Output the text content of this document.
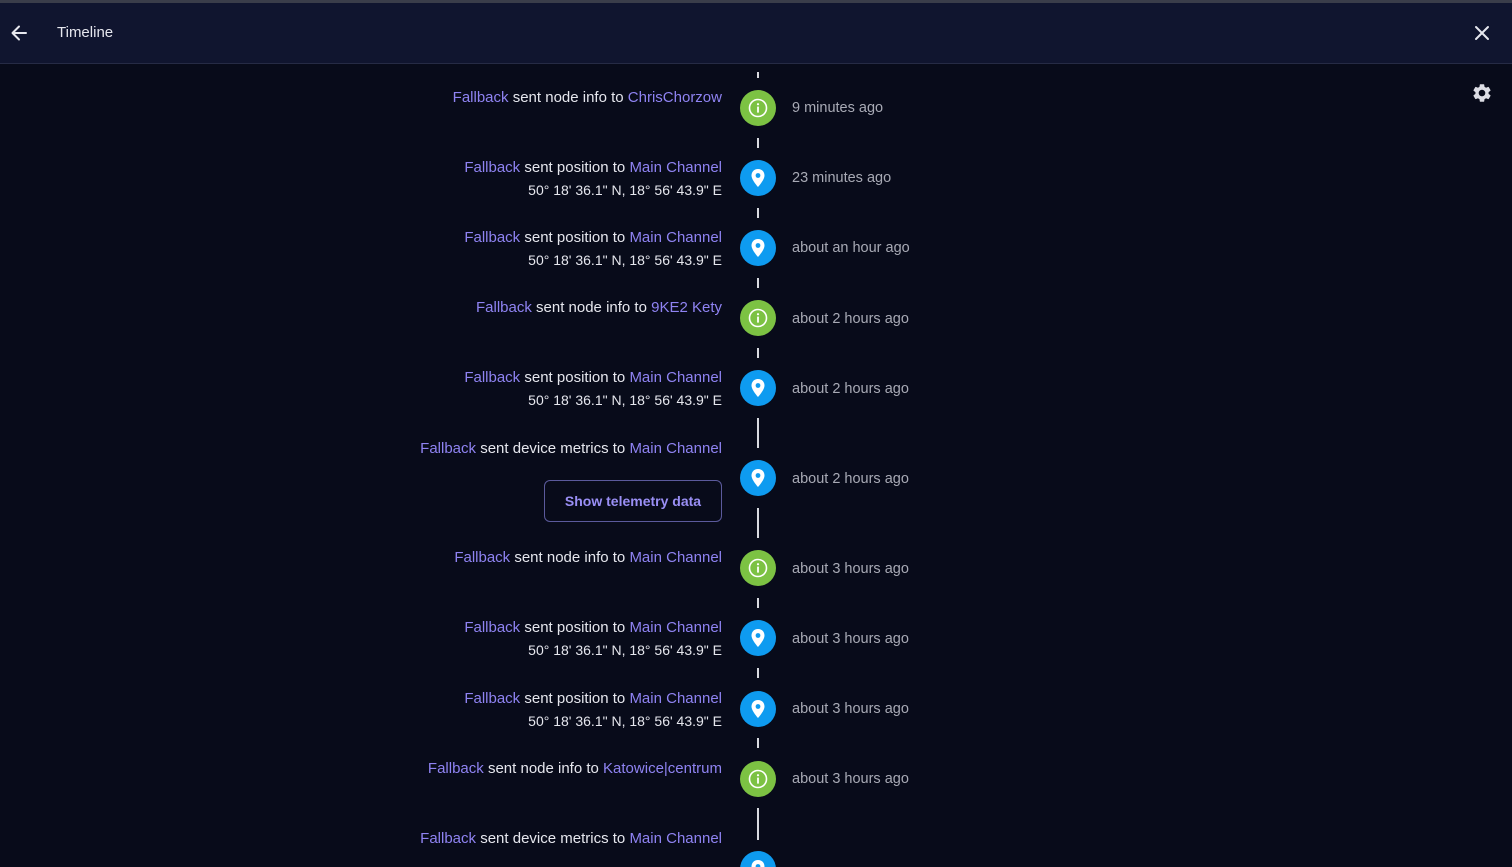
Timeline
Fallback sent node info to ChrisChorzow
9 minutes ago
Fallback sent position to Main Channel
50° 18' 36.1" N, 18° 56' 43.9" E
23 minutes ago
Fallback sent position to Main Channel
50° 18' 36.1" N, 18° 56' 43.9" E
about an hour ago
Fallback sent node info to 9KE2 Kety
about 2 hours ago
Fallback sent position to Main Channel
50° 18' 36.1" N, 18° 56' 43.9" E
about 2 hours ago
Fallback sent device metrics to Main Channel
Show telemetry data
about 2 hours ago
Fallback sent node info to Main Channel
about 3 hours ago
Fallback sent position to Main Channel
50° 18' 36.1" N, 18° 56' 43.9" E
about 3 hours ago
Fallback sent position to Main Channel
50° 18' 36.1" N, 18° 56' 43.9" E
about 3 hours ago
Fallback sent node info to Katowice|centrum
about 3 hours ago
Fallback sent device metrics to Main Channel
